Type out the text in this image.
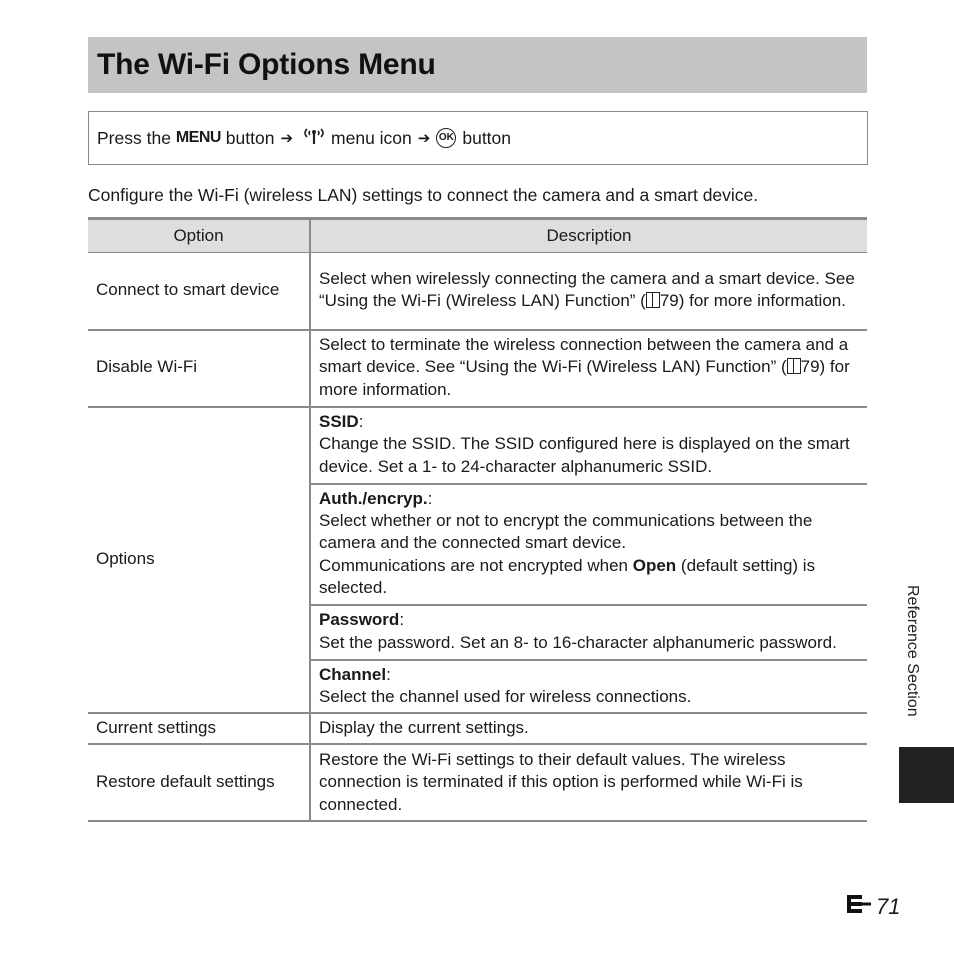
The Wi-Fi Options Menu
Press the
MENU
button ➔ menu icon ➔ OK button
Configure the Wi-Fi (wireless LAN) settings to connect the camera and a smart device.
Option	Description
Connect to smart device	Select when wirelessly connecting the camera and a smart device. See “Using the Wi-Fi (Wireless LAN) Function” ( 79) for more information.
Disable Wi-Fi	Select to terminate the wireless connection between the camera and a smart device. See “Using the Wi-Fi (Wireless LAN) Function” ( 79) for more information.
Options	SSID:
Change the SSID. The SSID configured here is displayed on the smart device. Set a 1- to 24-character alphanumeric SSID.
	Auth./encryp.:
Select whether or not to encrypt the communications between the camera and the connected smart device.
Communications are not encrypted when Open (default setting) is selected.
	Password:
Set the password. Set an 8- to 16-character alphanumeric password.
	Channel:
Select the channel used for wireless connections.
Current settings	Display the current settings.
Restore default settings	Restore the Wi-Fi settings to their default values. The wireless connection is terminated if this option is performed while Wi-Fi is connected.
Reference Section
71
